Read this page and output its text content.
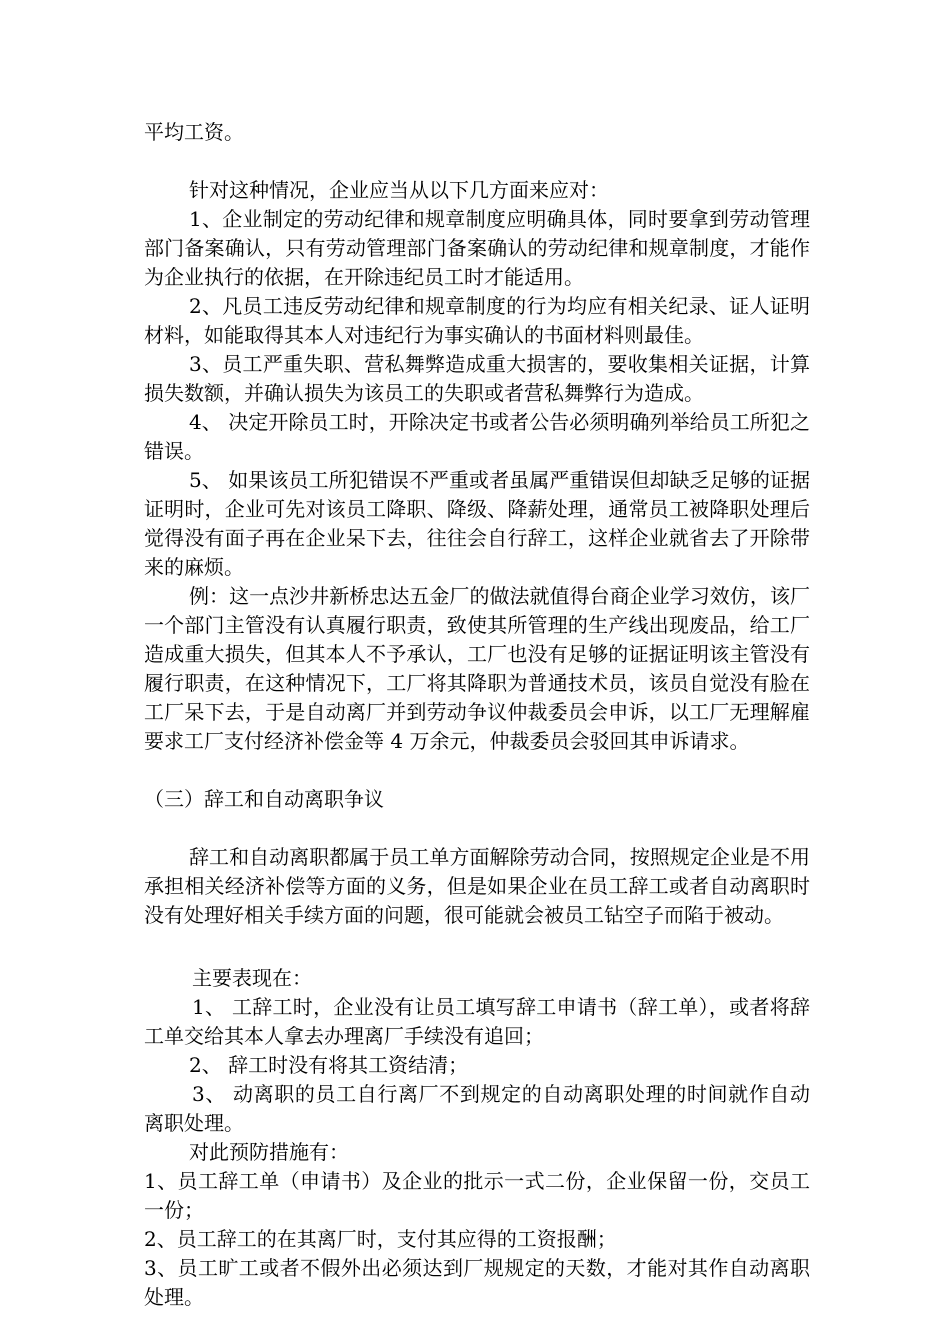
平均工资。

针对这种情况，企业应当从以下几方面来应对：

1、企业制定的劳动纪律和规章制度应明确具体，同时要拿到劳动管理部门备案确认，只有劳动管理部门备案确认的劳动纪律和规章制度，才能作为企业执行的依据，在开除违纪员工时才能适用。

2、凡员工违反劳动纪律和规章制度的行为均应有相关纪录、证人证明材料，如能取得其本人对违纪行为事实确认的书面材料则最佳。

3、员工严重失职、营私舞弊造成重大损害的，要收集相关证据，计算损失数额，并确认损失为该员工的失职或者营私舞弊行为造成。

4、 决定开除员工时，开除决定书或者公告必须明确列举给员工所犯之错误。

5、 如果该员工所犯错误不严重或者虽属严重错误但却缺乏足够的证据证明时，企业可先对该员工降职、降级、降薪处理，通常员工被降职处理后觉得没有面子再在企业呆下去，往往会自行辞工，这样企业就省去了开除带来的麻烦。

例：这一点沙井新桥忠达五金厂的做法就值得台商企业学习效仿，该厂一个部门主管没有认真履行职责，致使其所管理的生产线出现废品，给工厂造成重大损失，但其本人不予承认，工厂也没有足够的证据证明该主管没有履行职责，在这种情况下，工厂将其降职为普通技术员，该员自觉没有脸在工厂呆下去，于是自动离厂并到劳动争议仲裁委员会申诉，以工厂无理解雇要求工厂支付经济补偿金等 4 万余元，仲裁委员会驳回其申诉请求。

（三）辞工和自动离职争议

辞工和自动离职都属于员工单方面解除劳动合同，按照规定企业是不用承担相关经济补偿等方面的义务，但是如果企业在员工辞工或者自动离职时没有处理好相关手续方面的问题，很可能就会被员工钻空子而陷于被动。

主要表现在：

1、 工辞工时，企业没有让员工填写辞工申请书（辞工单），或者将辞工单交给其本人拿去办理离厂手续没有追回；

2、 辞工时没有将其工资结清；

3、 动离职的员工自行离厂不到规定的自动离职处理的时间就作自动离职处理。

对此预防措施有：

1、员工辞工单（申请书）及企业的批示一式二份，企业保留一份，交员工一份；

2、员工辞工的在其离厂时，支付其应得的工资报酬；

3、员工旷工或者不假外出必须达到厂规规定的天数，才能对其作自动离职处理。
